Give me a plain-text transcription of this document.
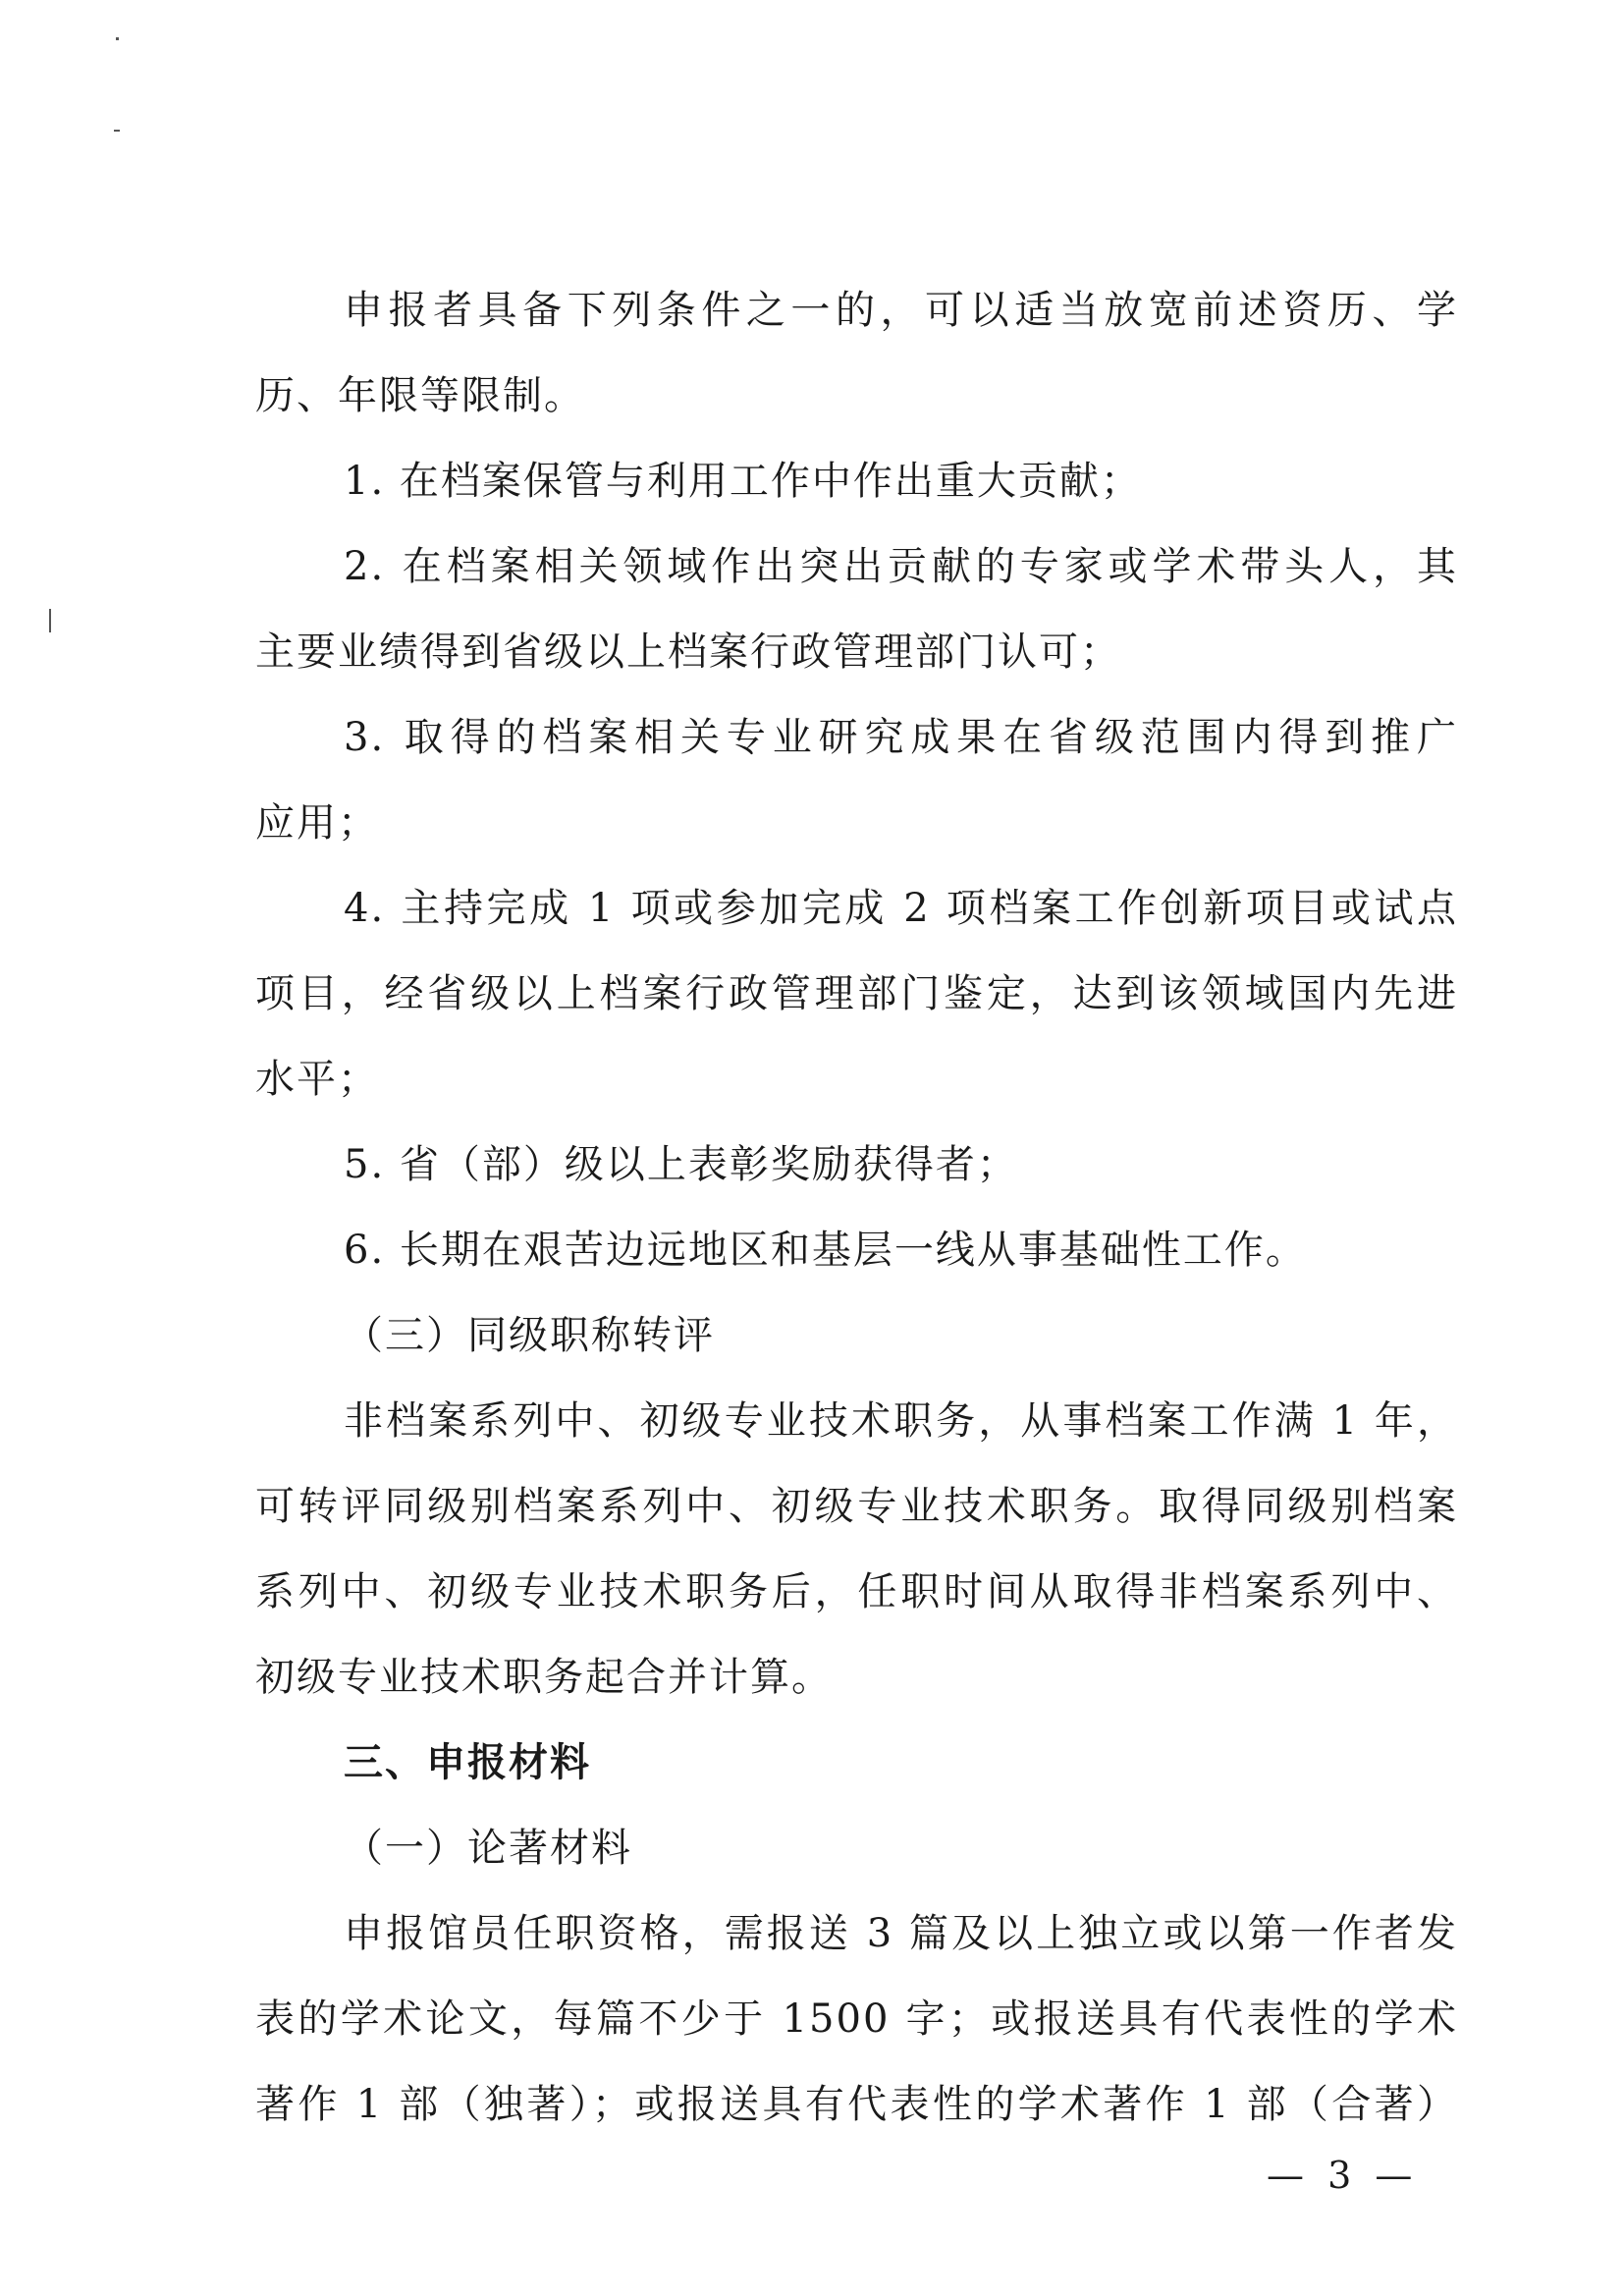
申报者具备下列条件之一的，可以适当放宽前述资历、学
历、年限等限制。
1. 在档案保管与利用工作中作出重大贡献；
2. 在档案相关领域作出突出贡献的专家或学术带头人，其
主要业绩得到省级以上档案行政管理部门认可；
3. 取得的档案相关专业研究成果在省级范围内得到推广
应用；
4. 主持完成 1 项或参加完成 2 项档案工作创新项目或试点
项目，经省级以上档案行政管理部门鉴定，达到该领域国内先进
水平；
5. 省（部）级以上表彰奖励获得者；
6. 长期在艰苦边远地区和基层一线从事基础性工作。
（三）同级职称转评
非档案系列中、初级专业技术职务，从事档案工作满 1 年，
可转评同级别档案系列中、初级专业技术职务。取得同级别档案
系列中、初级专业技术职务后，任职时间从取得非档案系列中、
初级专业技术职务起合并计算。
三、申报材料
（一）论著材料
申报馆员任职资格，需报送 3 篇及以上独立或以第一作者发
表的学术论文，每篇不少于 1500 字；或报送具有代表性的学术
著作 1 部（独著）；或报送具有代表性的学术著作 1 部（合著）
— 3 —
